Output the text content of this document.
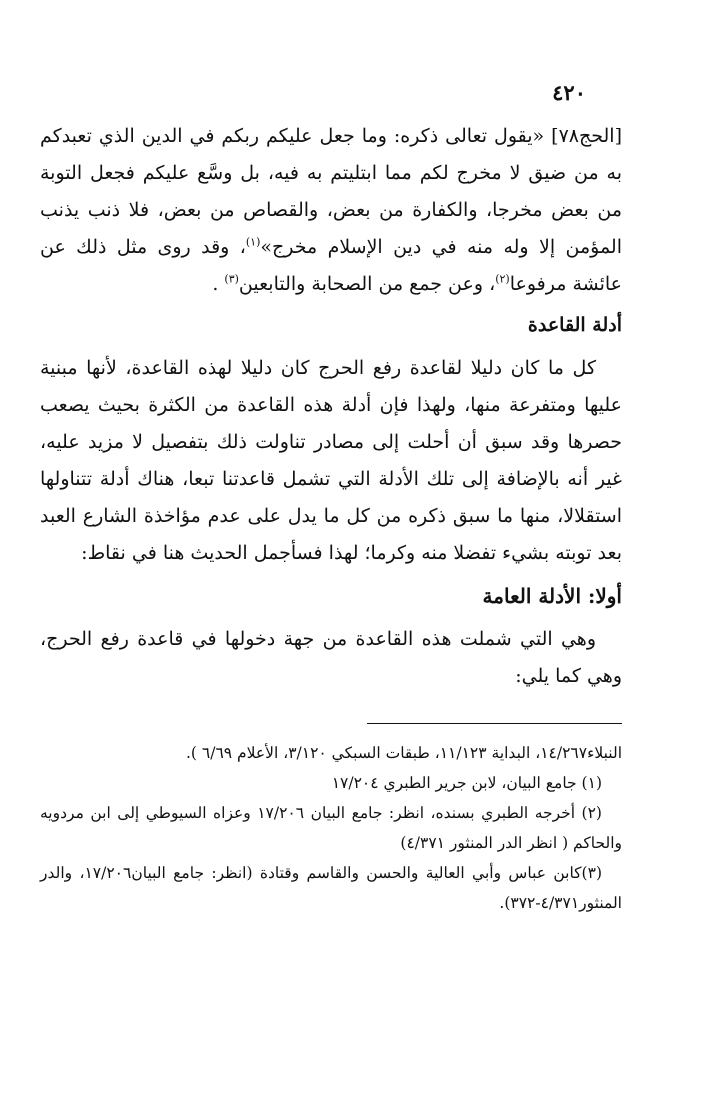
٤٢٠

[الحج٧٨] «يقول تعالى ذكره: وما جعل عليكم ربكم في الدين الذي تعبدكم به من ضيق لا مخرج لكم مما ابتليتم به فيه، بل وسَّع عليكم فجعل التوبة من بعض مخرجا، والكفارة من بعض، والقصاص من بعض، فلا ذنب يذنب المؤمن إلا وله منه في دين الإسلام مخرج»$^{(١)}$، وقد روى مثل ذلك عن عائشة مرفوعا$^{(٢)}$، وعن جمع من الصحابة والتابعين$^{(٣)}$ .

أدلة القاعدة

كل ما كان دليلا لقاعدة رفع الحرج كان دليلا لهذه القاعدة، لأنها مبنية عليها ومتفرعة منها، ولهذا فإن أدلة هذه القاعدة من الكثرة بحيث يصعب حصرها وقد سبق أن أحلت إلى مصادر تناولت ذلك بتفصيل لا مزيد عليه، غير أنه بالإضافة إلى تلك الأدلة التي تشمل قاعدتنا تبعا، هناك أدلة تتناولها استقلالا، منها ما سبق ذكره من كل ما يدل على عدم مؤاخذة الشارع العبد بعد توبته بشيء تفضلا منه وكرما؛ لهذا فسأجمل الحديث هنا في نقاط:

أولا: الأدلة العامة

وهي التي شملت هذه القاعدة من جهة دخولها في قاعدة رفع الحرج، وهي كما يلي:

النبلاء١٤/٢٦٧، البداية ١١/١٢٣، طبقات السبكي ٣/١٢٠، الأعلام ٦/٦٩ ).

(١) جامع البيان، لابن جرير الطبري ١٧/٢٠٤

(٢) أخرجه الطبري بسنده، انظر: جامع البيان ١٧/٢٠٦ وعزاه السيوطي إلى ابن مردويه والحاكم ( انظر الدر المنثور ٤/٣٧١)

(٣)كابن عباس وأبي العالية والحسن والقاسم وقتادة (انظر: جامع البيان١٧/٢٠٦، والدر المنثور٤/٣٧١-٣٧٢).
